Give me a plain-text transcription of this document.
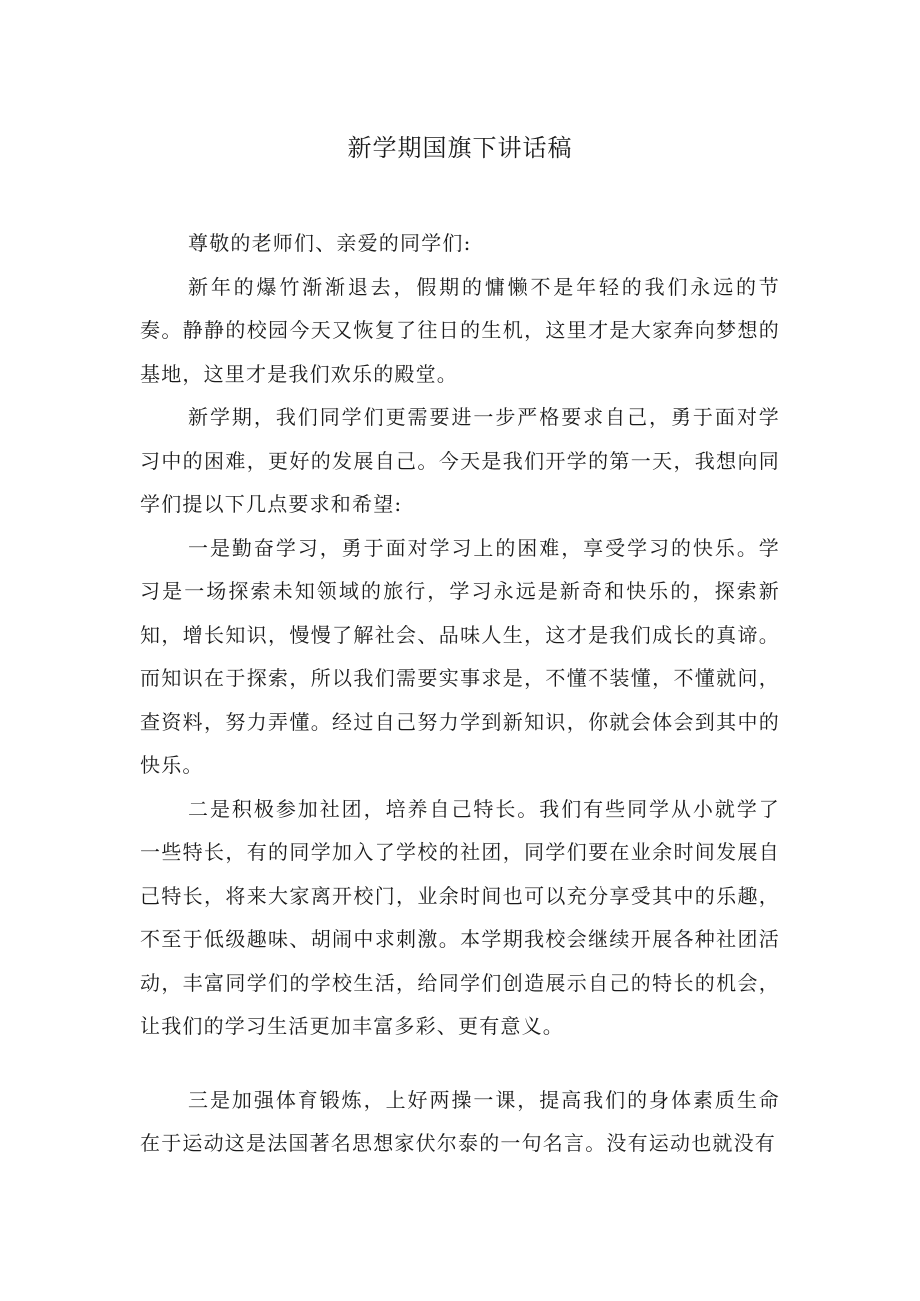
新学期国旗下讲话稿

尊敬的老师们、亲爱的同学们:

新年的爆竹渐渐退去，假期的慵懒不是年轻的我们永远的节奏。静静的校园今天又恢复了往日的生机，这里才是大家奔向梦想的基地，这里才是我们欢乐的殿堂。

新学期，我们同学们更需要进一步严格要求自己，勇于面对学习中的困难，更好的发展自己。今天是我们开学的第一天，我想向同学们提以下几点要求和希望:

一是勤奋学习，勇于面对学习上的困难，享受学习的快乐。学习是一场探索未知领域的旅行，学习永远是新奇和快乐的，探索新知，增长知识，慢慢了解社会、品味人生，这才是我们成长的真谛。而知识在于探索，所以我们需要实事求是，不懂不装懂，不懂就问，查资料，努力弄懂。经过自己努力学到新知识，你就会体会到其中的快乐。

二是积极参加社团，培养自己特长。我们有些同学从小就学了一些特长，有的同学加入了学校的社团，同学们要在业余时间发展自己特长，将来大家离开校门，业余时间也可以充分享受其中的乐趣，不至于低级趣味、胡闹中求刺激。本学期我校会继续开展各种社团活动，丰富同学们的学校生活，给同学们创造展示自己的特长的机会，让我们的学习生活更加丰富多彩、更有意义。

三是加强体育锻炼，上好两操一课，提高我们的身体素质生命在于运动这是法国著名思想家伏尔泰的一句名言。没有运动也就没有
